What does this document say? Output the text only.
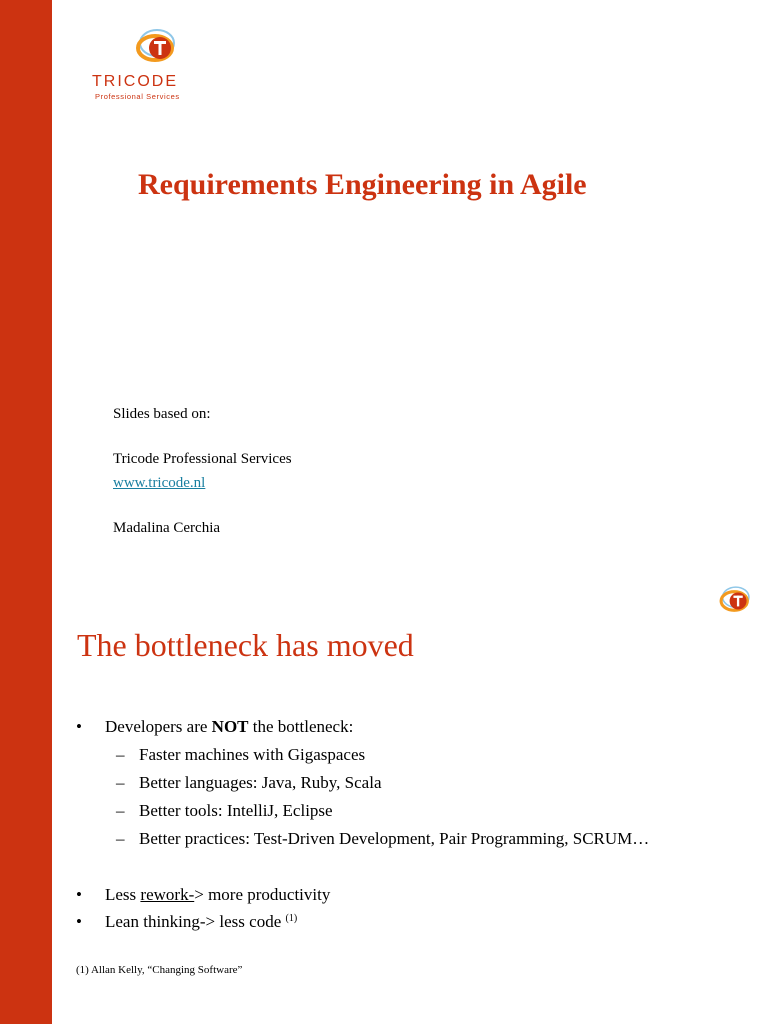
TRICODE
Professional Services
Requirements Engineering in Agile
Slides based on:
Tricode Professional Services
www.tricode.nl
Madalina Cerchia
The bottleneck has moved
• Developers are NOT the bottleneck:
– Faster machines with Gigaspaces
– Better languages: Java, Ruby, Scala
– Better tools: IntelliJ, Eclipse
– Better practices: Test-Driven Development, Pair Programming, SCRUM…
• Less rework-> more productivity
• Lean thinking-> less code $^{(1)}$
(1) Allan Kelly, “Changing Software”
